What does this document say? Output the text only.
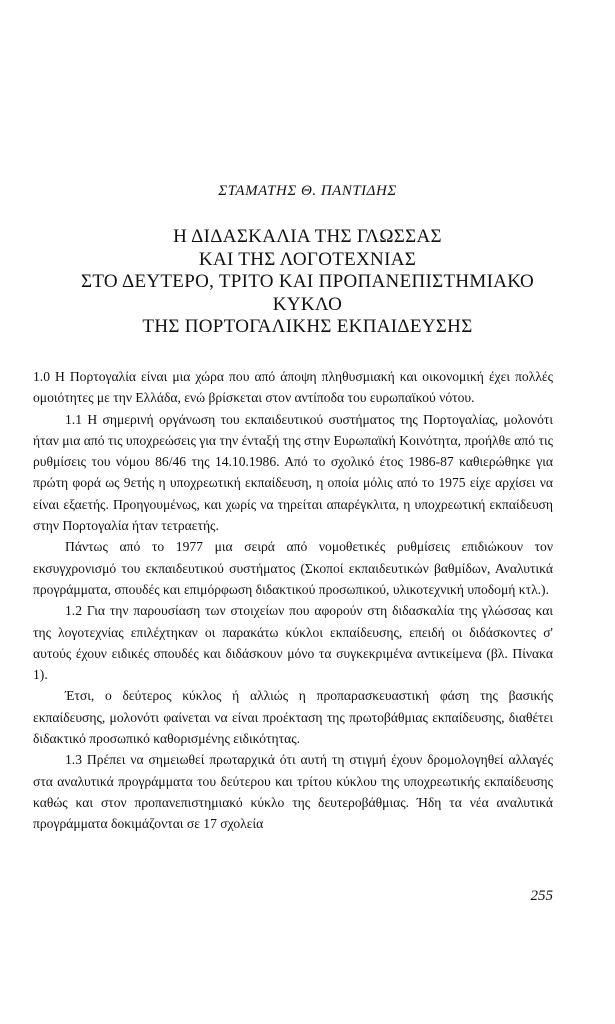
ΣΤΑΜΑΤΗΣ Θ. ΠΑΝΤΙΔΗΣ
Η ΔΙΔΑΣΚΑΛΙΑ ΤΗΣ ΓΛΩΣΣΑΣ
ΚΑΙ ΤΗΣ ΛΟΓΟΤΕΧΝΙΑΣ
ΣΤΟ ΔΕΥΤΕΡΟ, ΤΡΙΤΟ ΚΑΙ ΠΡΟΠΑΝΕΠΙΣΤΗΜΙΑΚΟ
ΚΥΚΛΟ
ΤΗΣ ΠΟΡΤΟΓΑΛΙΚΗΣ ΕΚΠΑΙΔΕΥΣΗΣ

1.0 Η Πορτογαλία είναι μια χώρα που από άποψη πληθυσμιακή και οικονομική έχει πολλές ομοιότητες με την Ελλάδα, ενώ βρίσκεται στον αντίποδα του ευρωπαϊκού νότου.

1.1 Η σημερινή οργάνωση του εκπαιδευτικού συστήματος της Πορτογαλίας, μολονότι ήταν μια από τις υποχρεώσεις για την ένταξή της στην Ευρωπαϊκή Κοινότητα, προήλθε από τις ρυθμίσεις του νόμου 86/46 της 14.10.1986. Από το σχολικό έτος 1986-87 καθιερώθηκε για πρώτη φορά ως 9ετής η υποχρεωτική εκπαίδευση, η οποία μόλις από το 1975 είχε αρχίσει να είναι εξαετής. Προηγουμένως, και χωρίς να τηρείται απαρέγκλιτα, η υποχρεωτική εκπαίδευση στην Πορτογαλία ήταν τετραετής.

Πάντως από το 1977 μια σειρά από νομοθετικές ρυθμίσεις επιδιώκουν τον εκσυγχρονισμό του εκπαιδευτικού συστήματος (Σκοποί εκπαιδευτικών βαθμίδων, Αναλυτικά προγράμματα, σπουδές και επιμόρφωση διδακτικού προσωπικού, υλικοτεχνική υποδομή κτλ.).

1.2 Για την παρουσίαση των στοιχείων που αφορούν στη διδασκαλία της γλώσσας και της λογοτεχνίας επιλέχτηκαν οι παρακάτω κύκλοι εκπαίδευσης, επειδή οι διδάσκοντες σ' αυτούς έχουν ειδικές σπουδές και διδάσκουν μόνο τα συγκεκριμένα αντικείμενα (βλ. Πίνακα 1).

Έτσι, ο δεύτερος κύκλος ή αλλιώς η προπαρασκευαστική φάση της βασικής εκπαίδευσης, μολονότι φαίνεται να είναι προέκταση της πρωτοβάθμιας εκπαίδευσης, διαθέτει διδακτικό προσωπικό καθορισμένης ειδικότητας.

1.3 Πρέπει να σημειωθεί πρωταρχικά ότι αυτή τη στιγμή έχουν δρομολογηθεί αλλαγές στα αναλυτικά προγράμματα του δεύτερου και τρίτου κύκλου της υποχρεωτικής εκπαίδευσης καθώς και στον προπανεπιστημιακό κύκλο της δευτεροβάθμιας. Ήδη τα νέα αναλυτικά προγράμματα δοκιμάζονται σε 17 σχολεία

255
